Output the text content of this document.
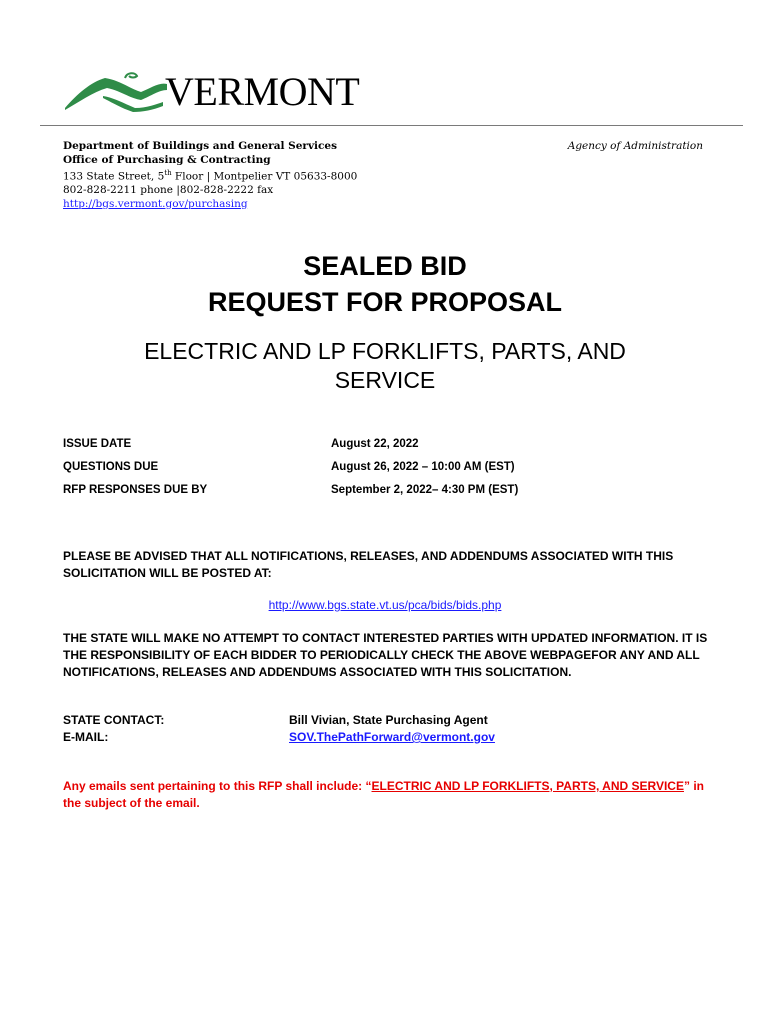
VERMONT
Department of Buildings and General Services
Office of Purchasing & Contracting
133 State Street, 5th Floor | Montpelier VT 05633-8000
802-828-2211 phone |802-828-2222 fax
http://bgs.vermont.gov/purchasing
Agency of Administration
SEALED BID
REQUEST FOR PROPOSAL
ELECTRIC AND LP FORKLIFTS, PARTS, AND SERVICE
ISSUE DATE	August 22, 2022
QUESTIONS DUE	August 26, 2022 – 10:00 AM (EST)
RFP RESPONSES DUE BY	September 2, 2022– 4:30 PM (EST)
PLEASE BE ADVISED THAT ALL NOTIFICATIONS, RELEASES, AND ADDENDUMS ASSOCIATED WITH THIS SOLICITATION WILL BE POSTED AT:
http://www.bgs.state.vt.us/pca/bids/bids.php
THE STATE WILL MAKE NO ATTEMPT TO CONTACT INTERESTED PARTIES WITH UPDATED INFORMATION. IT IS THE RESPONSIBILITY OF EACH BIDDER TO PERIODICALLY CHECK THE ABOVE WEBPAGEFOR ANY AND ALL NOTIFICATIONS, RELEASES AND ADDENDUMS ASSOCIATED WITH THIS SOLICITATION.
STATE CONTACT:	Bill Vivian, State Purchasing Agent
E-MAIL:	SOV.ThePathForward@vermont.gov
Any emails sent pertaining to this RFP shall include: “ELECTRIC AND LP FORKLIFTS, PARTS, AND SERVICE” in the subject of the email.
